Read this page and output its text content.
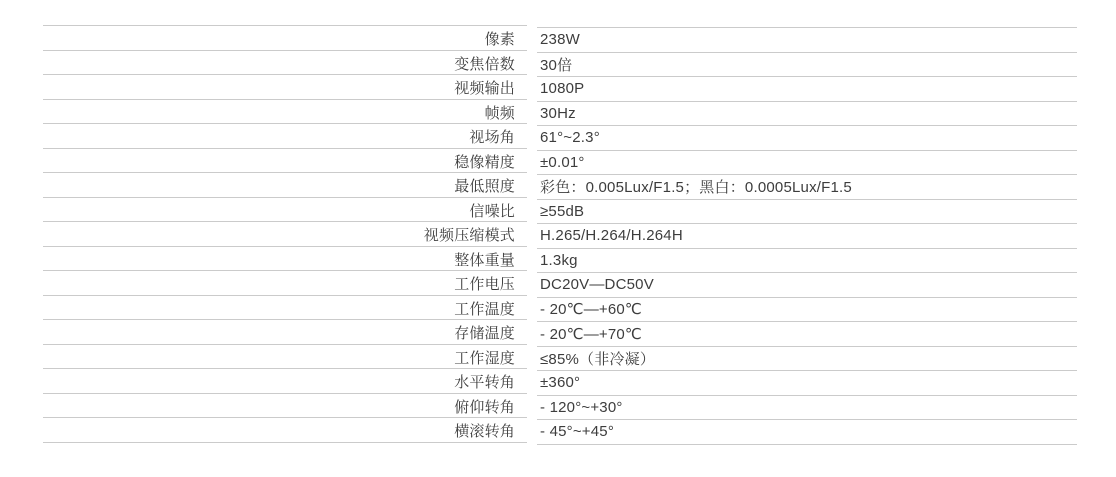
像素
变焦倍数
视频输出
帧频
视场角
稳像精度
最低照度
信噪比
视频压缩模式
整体重量
工作电压
工作温度
存储温度
工作湿度
水平转角
俯仰转角
横滚转角
238W
30倍
1080P
30Hz
61°~2.3°
±0.01°
彩色：0.005Lux/F1.5；黑白：0.0005Lux/F1.5
≥55dB
H.265/H.264/H.264H
1.3kg
DC20V—DC50V
- 20℃—+60℃
- 20℃—+70℃
≤85%（非冷凝）
±360°
- 120°~+30°
- 45°~+45°
